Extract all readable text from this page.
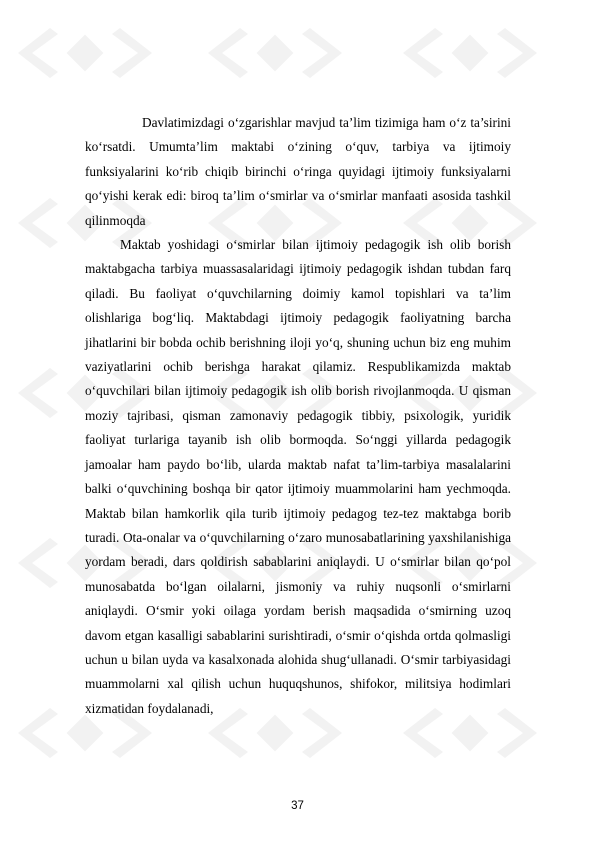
Davlatimizdagi o‘zgarishlar mavjud ta’lim tizimiga ham o‘z ta’sirini ko‘rsatdi. Umumta’lim maktabi o‘zining o‘quv, tarbiya va ijtimoiy funksiyalarini ko‘rib chiqib birinchi o‘ringa quyidagi ijtimoiy funksiyalarni qo‘yishi kerak edi: biroq ta’lim o‘smirlar va o‘smirlar manfaati asosida tashkil qilinmoqda

Maktab yoshidagi o‘smirlar bilan ijtimoiy pedagogik ish olib borish maktabgacha tarbiya muassasalaridagi ijtimoiy pedagogik ishdan tubdan farq qiladi. Bu faoliyat o‘quvchilarning doimiy kamol topishlari va ta’lim olishlariga bog‘liq. Maktabdagi ijtimoiy pedagogik faoliyatning barcha jihatlarini bir bobda ochib berishning iloji yo‘q, shuning uchun biz eng muhim vaziyatlarini ochib berishga harakat qilamiz. Respublikamizda maktab o‘quvchilari bilan ijtimoiy pedagogik ish olib borish rivojlanmoqda. U qisman moziy tajribasi, qisman zamonaviy pedagogik tibbiy, psixologik, yuridik faoliyat turlariga tayanib ish olib bormoqda. So‘nggi yillarda pedagogik jamoalar ham paydo bo‘lib, ularda maktab nafat ta’lim-tarbiya masalalarini balki o‘quvchining boshqa bir qator ijtimoiy muammolarini ham yechmoqda. Maktab bilan hamkorlik qila turib ijtimoiy pedagog tez-tez maktabga borib turadi. Ota-onalar va o‘quvchilarning o‘zaro munosabatlarining yaxshilanishiga yordam beradi, dars qoldirish sabablarini aniqlaydi. U o‘smirlar bilan qo‘pol munosabatda bo‘lgan oilalarni, jismoniy va ruhiy nuqsonli o‘smirlarni aniqlaydi. O‘smir yoki oilaga yordam berish maqsadida o‘smirning uzoq davom etgan kasalligi sabablarini surishtiradi, o‘smir o‘qishda ortda qolmasligi uchun u bilan uyda va kasalxonada alohida shug‘ullanadi. O‘smir tarbiyasidagi muammolarni xal qilish uchun huquqshunos, shifokor, militsiya hodimlari xizmatidan foydalanadi,

37
